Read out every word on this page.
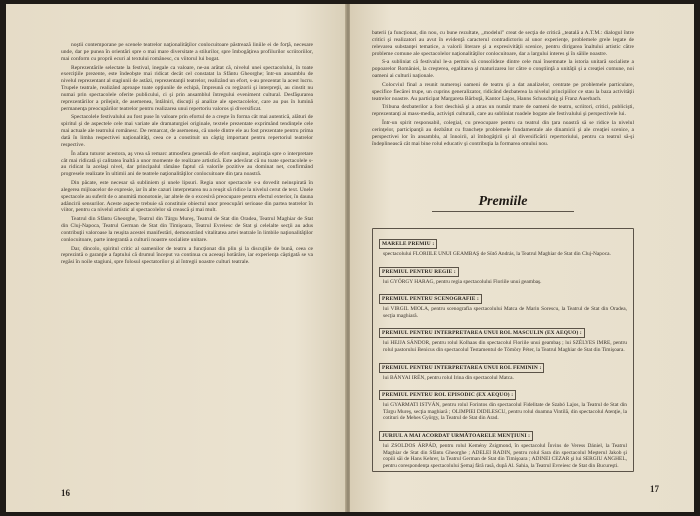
noştii contemporane pe scenele teatrelor naţionalităţilor conlocuitoare păstrează liniile ei de forţă, necesare unde, dar pe punea în orientări spre o mai mare diversitate a stilurilor, spre îmbogăţirea profilurilor scriitoriilor, mai conform cu proprii ecuri al textului românesc, cu viitorul lui bogat.

Reprezentările selectate la festival, inegale ca valoare, ne-au arătat că, nivelul unei spectacolului, în toate exerciţiile prezente, este îndeobşte mai ridicat decât cel constatat la Sfântu Gheorghe; într-un ansamblu de nivelul reprezentant al stagiunii de astăzi, reprezentanţii teatrelor, realizând un efort, s-au prezentat la acest lucru. Trupele teatrale, realizând aproape toate opţiunile de echipă, împreună cu regizorii şi interpreţii, au cinstit nu numai prin spectacolele oferite publicului, ci şi prin ansamblul întregului eveniment cultural. Desfăşurarea reprezentărilor a prilejuit, de asemenea, întâlniri, discuţii şi analize ale spectacolelor, care au pus în lumină permanenţa preocupărilor teatrelor pentru realizarea unui repertoriu valoros şi diversificat.

Spectacolele festivalului au fost puse în valoare prin efortul de a creşte în forma cât mai autentică, alături de spiritul şi de aspectele cele mai variate ale dramaturgiei originale, textele prezentate exprimând tendinţele cele mai actuale ale teatrului românesc. De remarcat, de asemenea, că unele dintre ele au fost prezentate pentru prima dată în limba respectivei naţionalităţi, ceea ce a constituit un câştig important pentru repertoriul teatrelor respective.

În afara tuturor acestora, aş vrea să remarc atmosfera generală de efort susţinut, aspiraţia spre o interpretare cât mai ridicată şi calitatea înaltă a unor momente de realizare artistică. Este adevărat că nu toate spectacolele s-au ridicat la acelaşi nivel, dar principalul rămâne faptul că valorile pozitive au dominat net, confirmând progresele realizate în ultimii ani de teatrele naţionalităţilor conlocuitoare din ţara noastră.

Din păcate, este necesar să subliniem şi unele lipsuri. Regia unor spectacole s-a dovedit neinspirată în alegerea mijloacelor de expresie, iar în alte cazuri interpretarea nu a reuşit să ridice la nivelul cerut de text. Unele spectacole au suferit de o anumită monotonie, iar altele de o excesivă preocupare pentru efectul exterior, în dauna adâncirii sensurilor. Aceste aspecte trebuie să constituie obiectul unor preocupări serioase din partea teatrelor în viitor, pentru ca nivelul artistic al spectacolelor să crească şi mai mult.

Teatrul din Sfântu Gheorghe, Teatrul din Târgu Mureş, Teatrul de Stat din Oradea, Teatrul Maghiar de Stat din Cluj-Napoca, Teatrul German de Stat din Timişoara, Teatrul Evreiesc de Stat şi celelalte secţii au adus contribuţii valoroase la reuşita acestei manifestări, demonstrând vitalitatea artei teatrale în limbile naţionalităţilor conlocuitoare, parte integrantă a culturii noastre socialiste unitare.

Dar, dincolo, spiritul critic al oamenilor de teatru a funcţionat din plin şi la discuţiile de bună, ceea ce reprezintă o garanţie a faptului că drumul început va continua cu aceeaşi hotărâre, iar experienţa câştigată se va regăsi în noile stagiuni, spre folosul spectatorilor şi al întregii noastre culturi teatrale.

16

baterii (a funcţionat, din nou, cu bune rezultate, „modelul" creat de secţia de critică „teatală a A.T.M.: dialogul între critici şi realizatori au avut în evidenţă caracterul contradictoriu al unor experienţe, problemele grele legate de relevarea substanţei tematice, a valorii literare şi a expresivităţii scenice, pentru dirigarea înaltului artistic către probleme comune ale spectacolelor naţionalităţilor conlocuitoare, dar a largului interes şi în sălile noastre.

S-a subliniat că festivalul le-a permis să consolideze dintre cele mai însemnate la istoria unitară socialiste a popoarelor României, la creşterea, egalitarea şi maturizarea lor către o conştiinţă a unităţii şi a creaţiei comune, noi oameni ai culturii naţionale.

Colocviul final a reunit numeroşi oameni de teatru şi a dat analizelor, centrate pe problemele particulare, specifice fiecărei trupe, un cuprins generalizator, ridicând dezbaterea la nivelul principiilor ce stau la baza activităţii teatrelor noastre. Au participat Margareta Bărbuţă, Kantor Lajos, Hanns Schuschnig şi Franz Auerbach.

Tribuna dezbaterilor a fost deschisă şi a atras un număr mare de oameni de teatru, scriitori, critici, publicişti, reprezentanţi ai mass-media, activişti culturali, care au subliniat roadele bogate ale festivalului şi perspectivele lui.

Într-un spirit responsabil, colegial, cu preocupare pentru ca teatrul din ţara noastră să se ridice la nivelul cerinţelor, participanţii au dezbătut cu franchețe problemele fundamentale ale dinamicii şi ale creaţiei scenice, a perspectivei lor în ansamblu, al înnoirii, al îmbogăţirii şi al diversificării repertoriului, pentru ca teatrul să-şi îndeplinească cât mai bine rolul educativ şi contribuţia la formarea omului nou.

Premiile
MARELE PREMIU :
spectacolului FLORIILE UNUI GEAMBAŞ de Sütő András, la Teatrul Maghiar de Stat din Cluj-Napoca.
PREMIUL PENTRU REGIE :
lui GYÖRGY HARAG, pentru regia spectacolului Floriile unui geambaş.
PREMIUL PENTRU SCENOGRAFIE :
lui VIRGIL MIOLA, pentru scenografia spectacolului Matca de Marin Sorescu, la Teatrul de Stat din Oradea, secţia maghiară.
PREMIUL PENTRU INTERPRETAREA UNUI ROL MASCULIN (EX AEQUO) :
lui HEJJA SÁNDOR, pentru rolul Kolhaas din spectacolul Floriile unui geambaş ; lui SZÉLYES IMRE, pentru rolul pastorului Benicus din spectacolul Testamentul de Tömöry Péter, la Teatrul Maghiar de Stat din Timişoara.
PREMIUL PENTRU INTERPRETAREA UNUI ROL FEMININ :
lui BÁNYAI IRÉN, pentru rolul Irina din spectacolul Matca.
PREMIUL PENTRU ROL EPISODIC (EX AEQUO) :
lui GYARMATI ISTVÁN, pentru rolul Forintos din spectacolul Fidelitate de Szabó Lajos, la Teatrul de Stat din Târgu Mureş, secţia maghiară ; OLIMPIEI DIDILESCU, pentru rolul doamna Vintilă, din spectacolul Atenţie, la cotituri de Mehes György, la Teatrul de Stat din Arad.
JURIUL A MAI ACORDAT URMĂTOARELE MENŢIUNI :
lui ZSOLDOS ÁRPÁD, pentru rolul Kemény Zsigmond, în spectacolul Învins de Veress Dániel, la Teatrul Maghiar de Stat din Sfântu Gheorghe ; ADELEI RADIN, pentru rolul Sara din spectacolul Meşterul Jakob şi copiii săi de Hans Kehrer, la Teatrul German de Stat din Timişoara ; ADINEI CEZAR şi lui SERGIU ANGHEL, pentru corespondenţa spectacolului Şemaj fără rasă, după Al. Sahia, la Teatrul Evreiesc de Stat din Bucureşti.
17
